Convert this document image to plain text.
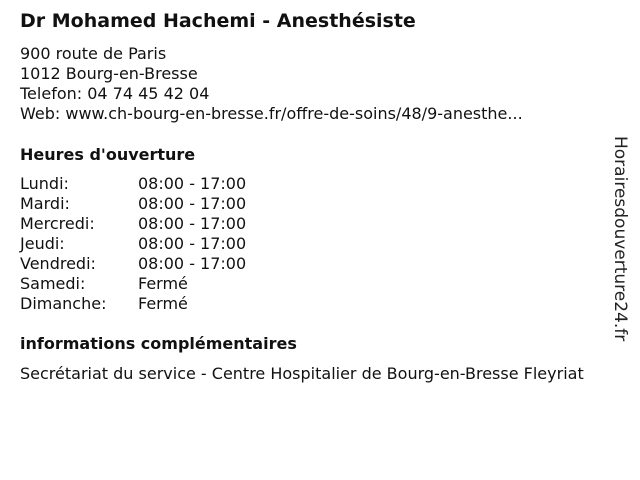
Dr Mohamed Hachemi - Anesthésiste
900 route de Paris
1012 Bourg-en-Bresse
Telefon: 04 74 45 42 04
Web: www.ch-bourg-en-bresse.fr/offre-de-soins/48/9-anesthe...
Heures d'ouverture
Lundi:	08:00 - 17:00
Mardi:	08:00 - 17:00
Mercredi:	08:00 - 17:00
Jeudi:	08:00 - 17:00
Vendredi:	08:00 - 17:00
Samedi:	Fermé
Dimanche:	Fermé
informations complémentaires
Secrétariat du service - Centre Hospitalier de Bourg-en-Bresse Fleyriat
Horairesdouverture24.fr
